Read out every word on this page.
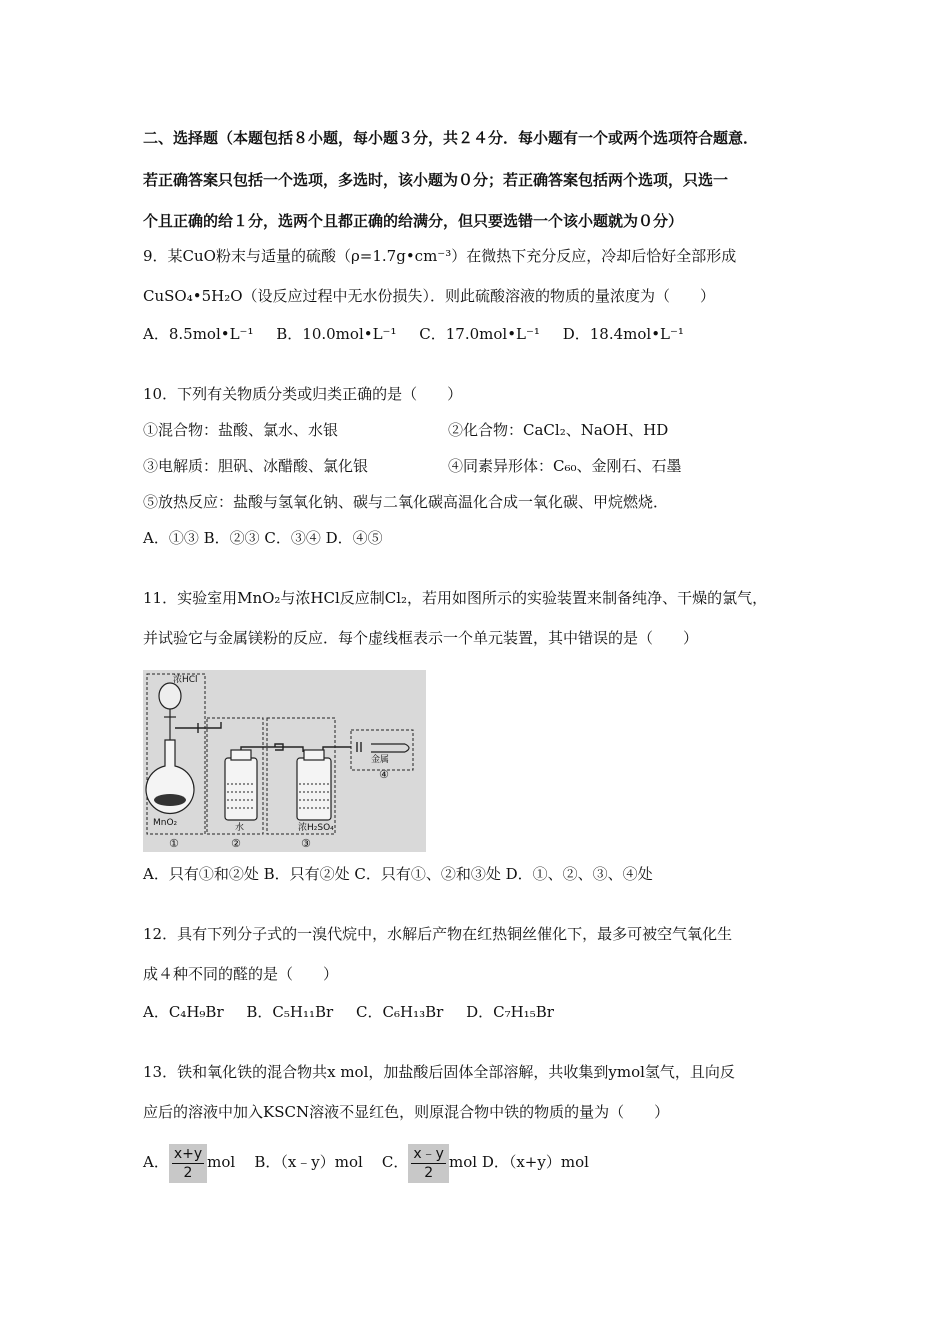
二、选择题（本题包括８小题，每小题３分，共２４分．每小题有一个或两个选项符合题意．
若正确答案只包括一个选项，多选时，该小题为０分；若正确答案包括两个选项，只选一
个且正确的给１分，选两个且都正确的给满分，但只要选错一个该小题就为０分）
9．某CuO粉末与适量的硫酸（ρ=1.7g•cm⁻³）在微热下充分反应，冷却后恰好全部形成
CuSO₄•5H₂O（设反应过程中无水份损失）．则此硫酸溶液的物质的量浓度为（　　）
A．8.5mol•L⁻¹ B．10.0mol•L⁻¹ C．17.0mol•L⁻¹ D．18.4mol•L⁻¹
10．下列有关物质分类或归类正确的是（　　）
①混合物：盐酸、氯水、水银	②化合物：CaCl₂、NaOH、HD
③电解质：胆矾、冰醋酸、氯化银	④同素异形体：C₆₀、金刚石、石墨
⑤放热反应：盐酸与氢氧化钠、碳与二氧化碳高温化合成一氧化碳、甲烷燃烧．
A．①③ B．②③ C．③④ D．④⑤
11．实验室用MnO₂与浓HCl反应制Cl₂，若用如图所示的实验装置来制备纯净、干燥的氯气，
并试验它与金属镁粉的反应．每个虚线框表示一个单元装置，其中错误的是（　　）
浓HCl
MnO₂	水	浓H₂SO₄
金属
①	②	③
④
A．只有①和②处 B．只有②处 C．只有①、②和③处 D．①、②、③、④处
12．具有下列分子式的一溴代烷中，水解后产物在红热铜丝催化下，最多可被空气氧化生
成４种不同的醛的是（　　）
A．C₄H₉Br B．C₅H₁₁Br C．C₆H₁₃Br D．C₇H₁₅Br
13．铁和氧化铁的混合物共x mol，加盐酸后固体全部溶解，共收集到ymol氢气，且向反
应后的溶液中加入KSCN溶液不显红色，则原混合物中铁的物质的量为（　　）
A． $\frac{x+y}{2}$ mol B．（x﹣y）mol C． $\frac{x﹣y}{2}$ mol D．（x+y）mol
